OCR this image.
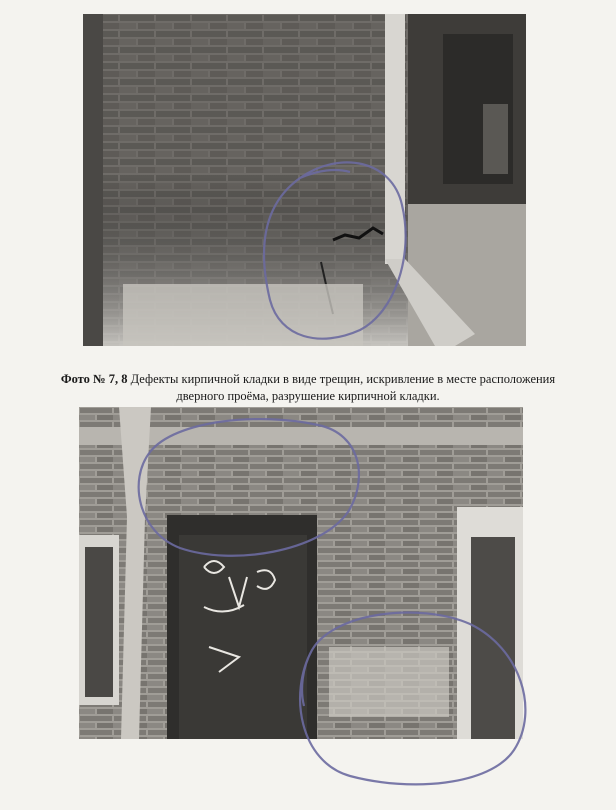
Фото № 7, 8 Дефекты кирпичной кладки в виде трещин, искривление в месте расположения
дверного проёма, разрушение кирпичной кладки.
